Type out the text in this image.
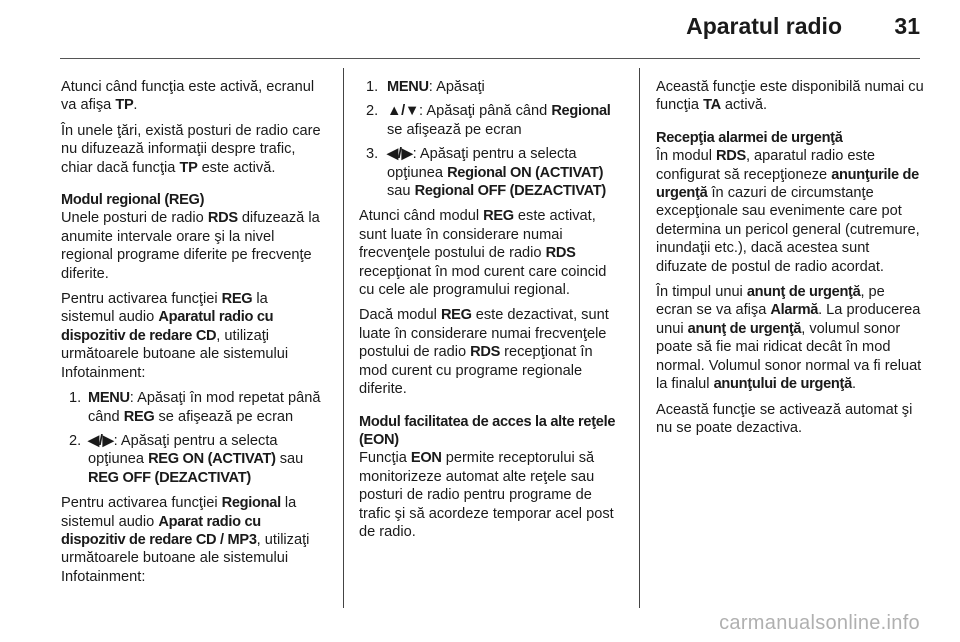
Aparatul radio 31

Atunci când funcţia este activă, ecranul va afişa TP.

În unele ţări, există posturi de radio care nu difuzează informaţii despre trafic, chiar dacă funcţia TP este activă.

Modul regional (REG)

Unele posturi de radio RDS difuzează la anumite intervale orare şi la nivel regional programe diferite pe frecvenţe diferite.

Pentru activarea funcţiei REG la sistemul audio Aparatul radio cu dispozitiv de redare CD, utilizaţi următoarele butoane ale sistemului Infotainment:

1. MENU: Apăsaţi în mod repetat până când REG se afişează pe ecran
2. ◀/▶: Apăsaţi pentru a selecta opţiunea REG ON (ACTIVAT) sau REG OFF (DEZACTIVAT)

Pentru activarea funcţiei Regional la sistemul audio Aparat radio cu dispozitiv de redare CD / MP3, utilizaţi următoarele butoane ale sistemului Infotainment:

1. MENU: Apăsaţi
2. ▲/▼: Apăsaţi până când Regional se afişează pe ecran
3. ◀/▶: Apăsaţi pentru a selecta opţiunea Regional ON (ACTIVAT) sau Regional OFF (DEZACTIVAT)

Atunci când modul REG este activat, sunt luate în considerare numai frecvenţele postului de radio RDS recepţionat în mod curent care coincid cu cele ale programului regional.

Dacă modul REG este dezactivat, sunt luate în considerare numai frecvenţele postului de radio RDS recepţionat în mod curent cu programe regionale diferite.

Modul facilitatea de acces la alte reţele (EON)

Funcţia EON permite receptorului să monitorizeze automat alte reţele sau posturi de radio pentru programe de trafic şi să acordeze temporar acel post de radio.

Această funcţie este disponibilă numai cu funcţia TA activă.

Recepţia alarmei de urgenţă

În modul RDS, aparatul radio este configurat să recepţioneze anunţurile de urgenţă în cazuri de circumstanţe excepţionale sau evenimente care pot determina un pericol general (cutremure, inundaţii etc.), dacă acestea sunt difuzate de postul de radio acordat.

În timpul unui anunţ de urgenţă, pe ecran se va afişa Alarmă. La producerea unui anunţ de urgenţă, volumul sonor poate să fie mai ridicat decât în mod normal. Volumul sonor normal va fi reluat la finalul anunţului de urgenţă.

Această funcţie se activează automat şi nu se poate dezactiva.

carmanualsonline.info
